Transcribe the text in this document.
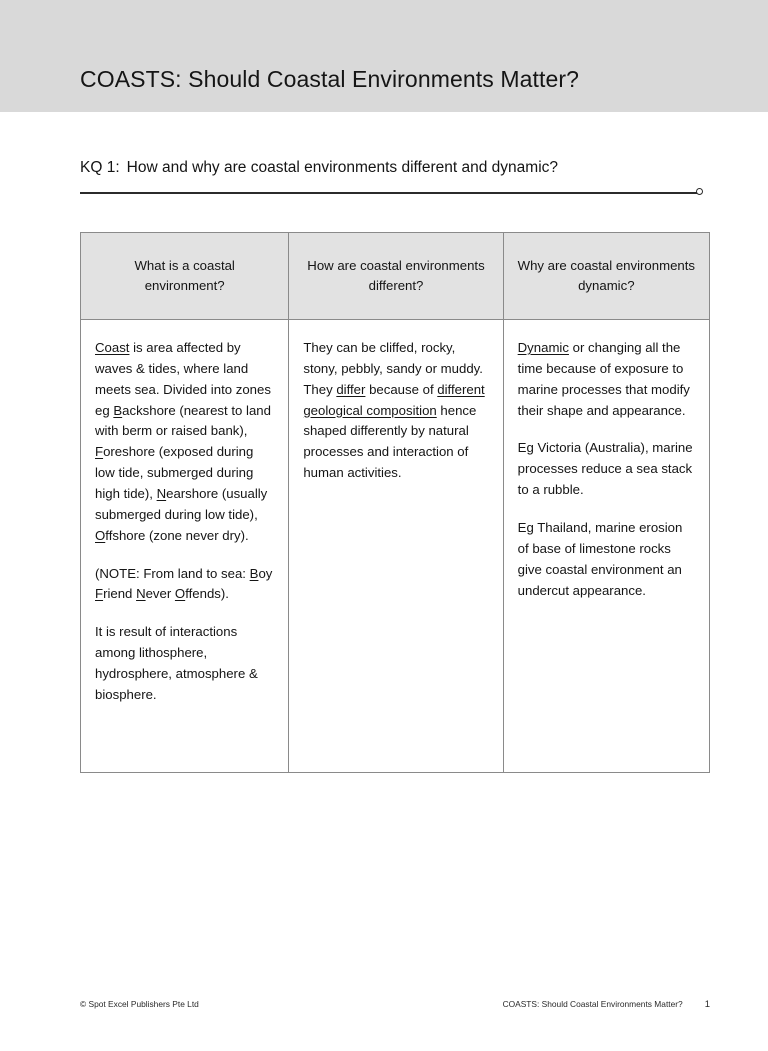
COASTS: Should Coastal Environments Matter?
KQ 1: How and why are coastal environments different and dynamic?
What is a coastal environment?
How are coastal environments different?
Why are coastal environments dynamic?

Coast is area affected by waves & tides, where land meets sea. Divided into zones eg Backshore (nearest to land with berm or raised bank), Foreshore (exposed during low tide, submerged during high tide), Nearshore (usually submerged during low tide), Offshore (zone never dry).

(NOTE: From land to sea: Boy Friend Never Offends).

It is result of interactions among lithosphere, hydrosphere, atmosphere & biosphere.

They can be cliffed, rocky, stony, pebbly, sandy or muddy. They differ because of different geological composition hence shaped differently by natural processes and interaction of human activities.

Dynamic or changing all the time because of exposure to marine processes that modify their shape and appearance.

Eg Victoria (Australia), marine processes reduce a sea stack to a rubble.

Eg Thailand, marine erosion of base of limestone rocks give coastal environment an undercut appearance.

© Spot Excel Publishers Pte Ltd	COASTS: Should Coastal Environments Matter? 1
